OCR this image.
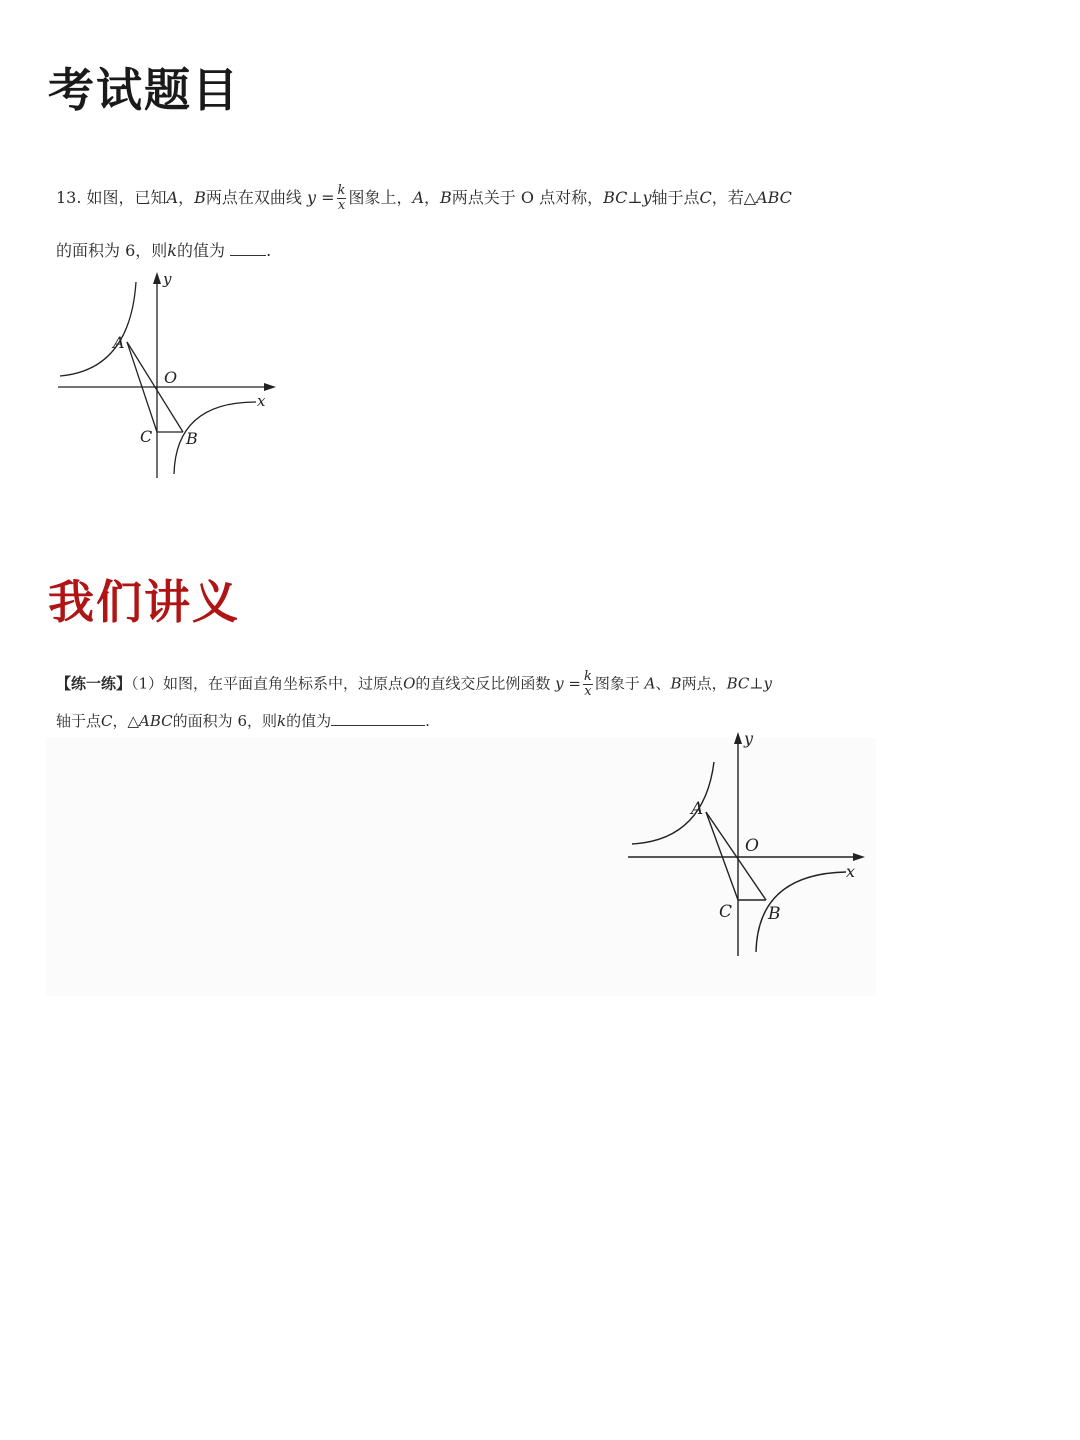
考试题目
13. 如图，已知A，B两点在双曲线 $y = \frac{k}{x}$ 图象上，A，B两点关于 O 点对称，BC⊥y轴于点C，若△ABC
的面积为 6，则k的值为	.
y
x
O
A
B
C
我们讲义
【练一练】（1）如图，在平面直角坐标系中，过原点O的直线交反比例函数 $y = \frac{k}{x}$ 图象于 A、B两点，BC⊥y
轴于点C，△ABC的面积为 6，则k的值为	.
y
x
O
A
B
C
